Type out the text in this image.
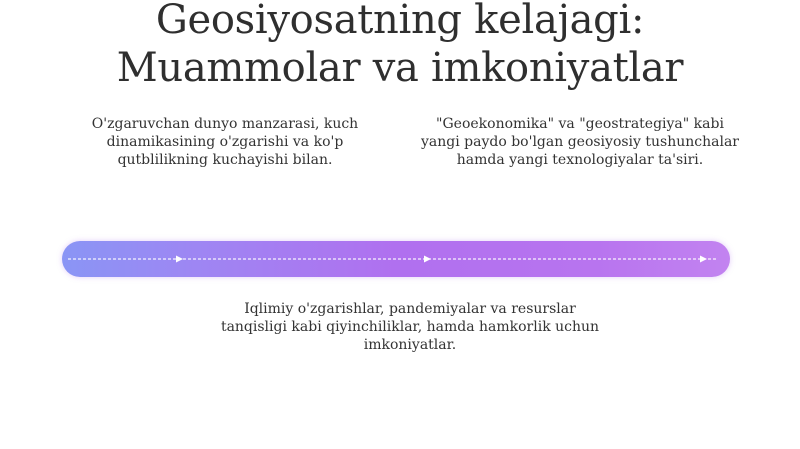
Geosiyosatning kelajagi:
Muammolar va imkoniyatlar
O'zgaruvchan dunyo manzarasi, kuch dinamikasining o'zgarishi va ko'p qutblilikning kuchayishi bilan.
"Geoekonomika" va "geostrategiya" kabi yangi paydo bo'lgan geosiyosiy tushunchalar hamda yangi texnologiyalar ta'siri.
Iqlimiy o'zgarishlar, pandemiyalar va resurslar tanqisligi kabi qiyinchiliklar, hamda hamkorlik uchun imkoniyatlar.
